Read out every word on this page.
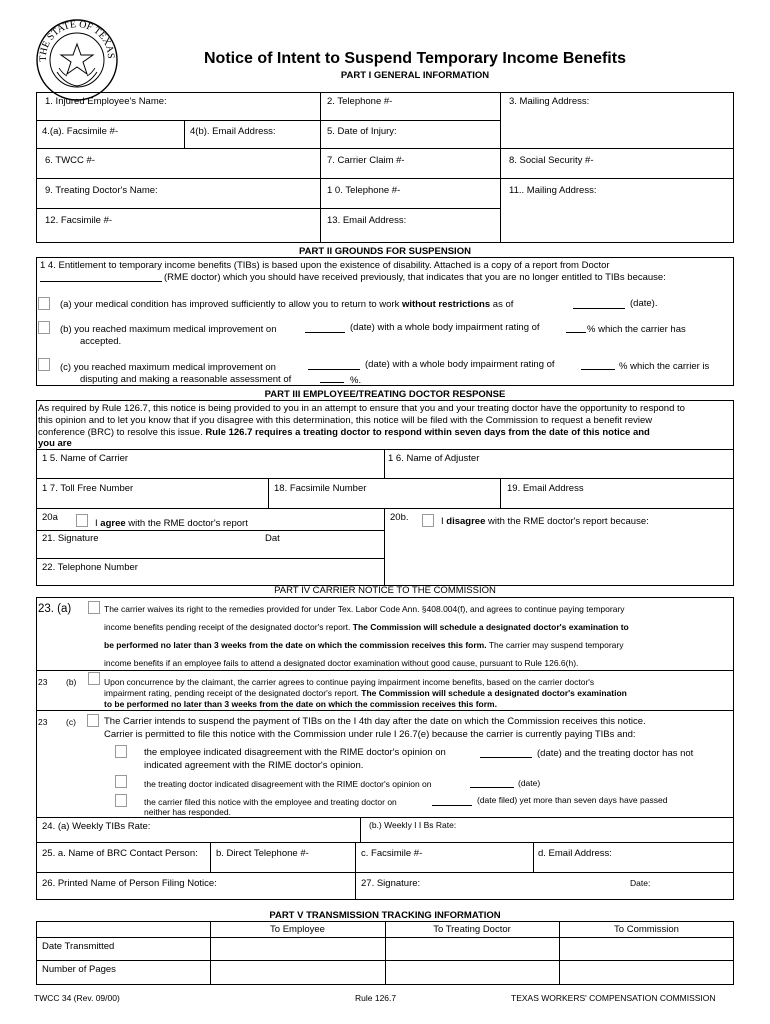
THE STATE OF TEXAS	Notice of Intent to Suspend Temporary Income Benefits
PART I GENERAL INFORMATION
1. Injured Employee's Name:	2. Telephone #-	3. Mailing Address:
4.(a). Facsimile #-	4(b). Email Address:	5. Date of Injury:
6. TWCC #-	7. Carrier Claim #-	8. Social Security #-
9. Treating Doctor's Name:	1 0. Telephone #-	11.. Mailing Address:
12. Facsimile #-	13. Email Address:
PART II GROUNDS FOR SUSPENSION
1 4. Entitlement to temporary income benefits (TIBs) is based upon the existence of disability. Attached is a copy of a report from Doctor
(RME doctor) which you should have received previously, that indicates that you are no longer entitled to TIBs because:
(a) your medical condition has improved sufficiently to allow you to return to work without restrictions as of	(date).
(b) you reached maximum medical improvement on	(date) with a whole body impairment rating of	% which the carrier has
accepted.
(c) you reached maximum medical improvement on	(date) with a whole body impairment rating of	% which the carrier is
disputing and making a reasonable assessment of	%.
PART III EMPLOYEE/TREATING DOCTOR RESPONSE
As required by Rule 126.7, this notice is being provided to you in an attempt to ensure that you and your treating doctor have the opportunity to respond to
this opinion and to let you know that if you disagree with this determination, this notice will be filed with the Commission to request a benefit review
conference (BRC) to resolve this issue. Rule 126.7 requires a treating doctor to respond within seven days from the date of this notice and
you are
1 5. Name of Carrier	1 6. Name of Adjuster
1 7. Toll Free Number	18. Facsimile Number	19. Email Address
20a
I agree with the RME doctor's report
20b.	I disagree with the RME doctor's report because:
21. Signature	Dat
22. Telephone Number
PART IV CARRIER NOTICE TO THE COMMISSION
23. (a)	The carrier waives its right to the remedies provided for under Tex. Labor Code Ann. §408.004(f), and agrees to continue paying temporary
income benefits pending receipt of the designated doctor's report. The Commission will schedule a designated doctor's examination to
be performed no later than 3 weeks from the date on which the commission receives this form. The carrier may suspend temporary
income benefits if an employee fails to attend a designated doctor examination without good cause, pursuant to Rule 126.6(h).
23 (b)	Upon concurrence by the claimant, the carrier agrees to continue paying impairment income benefits, based on the carrier doctor's
impairment rating, pending receipt of the designated doctor's report. The Commission will schedule a designated doctor's examination
to be performed no later than 3 weeks from the date on which the commission receives this form.
23 (c)	The Carrier intends to suspend the payment of TIBs on the I 4th day after the date on which the Commission receives this notice.
Carrier is permitted to file this notice with the Commission under rule I 26.7(e) because the carrier is currently paying TIBs and:
the employee indicated disagreement with the RIME doctor's opinion on	(date) and the treating doctor has not
indicated agreement with the RIME doctor's opinion.
the treating doctor indicated disagreement with the RIME doctor's opinion on	(date)
the carrier filed this notice with the employee and treating doctor on	(date filed) yet more than seven days have passed
neither has responded.
24. (a) Weekly TIBs Rate:	(b.) Weekly I I Bs Rate:
25. a. Name of BRC Contact Person: b. Direct Telephone #-	c. Facsimile #-	d. Email Address:
26. Printed Name of Person Filing Notice:	27. Signature:	Date:
PART V TRANSMISSION TRACKING INFORMATION
To Employee	To Treating Doctor	To Commission
Date Transmitted
Number of Pages
TWCC 34 (Rev. 09/00)	Rule 126.7	TEXAS WORKERS' COMPENSATION COMMISSION
